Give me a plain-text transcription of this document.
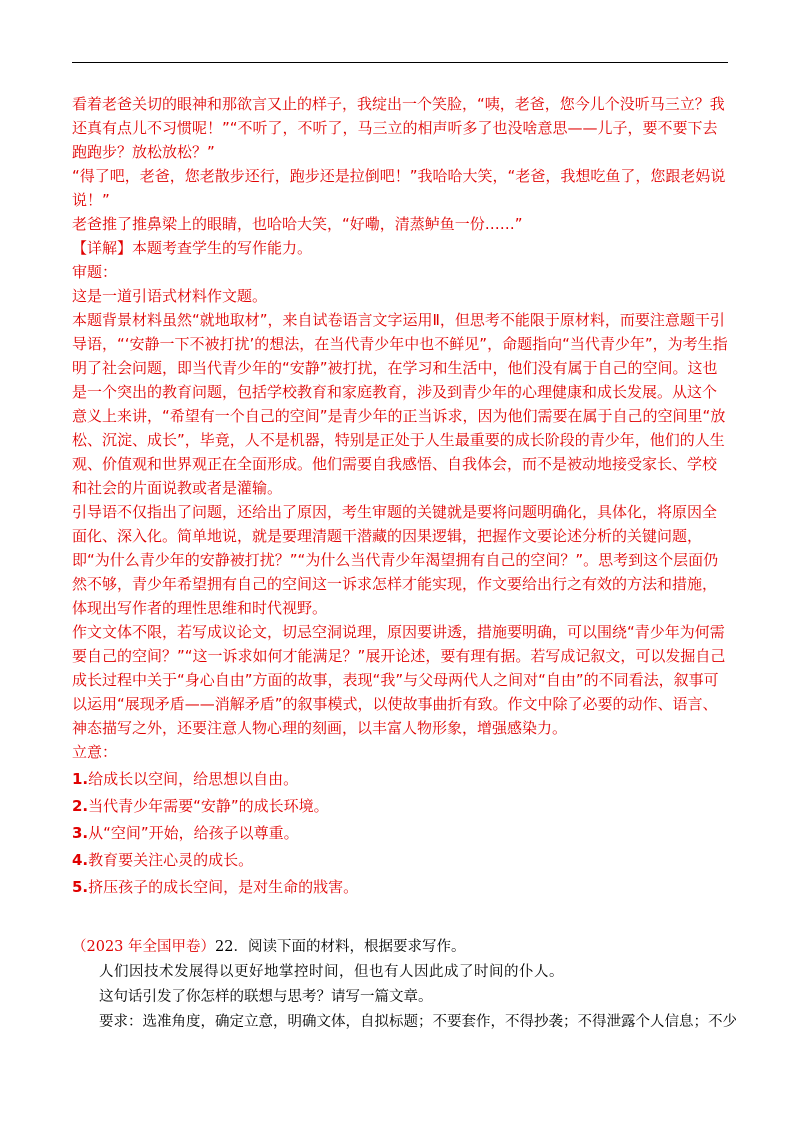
看着老爸关切的眼神和那欲言又止的样子，我绽出一个笑脸，“咦，老爸，您今儿个没听马三立？我还真有点儿不习惯呢！”“不听了，不听了，马三立的相声听多了也没啥意思——儿子，要不要下去跑跑步？放松放松？”

“得了吧，老爸，您老散步还行，跑步还是拉倒吧！”我哈哈大笑，“老爸，我想吃鱼了，您跟老妈说说！”

老爸推了推鼻梁上的眼睛，也哈哈大笑，“好嘞，清蒸鲈鱼一份……”

【详解】本题考查学生的写作能力。

审题：

这是一道引语式材料作文题。

本题背景材料虽然“就地取材”，来自试卷语言文字运用Ⅱ，但思考不能限于原材料，而要注意题干引导语，“‘安静一下不被打扰’的想法，在当代青少年中也不鲜见”，命题指向“当代青少年”，为考生指明了社会问题，即当代青少年的“安静”被打扰，在学习和生活中，他们没有属于自己的空间。这也是一个突出的教育问题，包括学校教育和家庭教育，涉及到青少年的心理健康和成长发展。从这个意义上来讲，“希望有一个自己的空间”是青少年的正当诉求，因为他们需要在属于自己的空间里“放松、沉淀、成长”，毕竟，人不是机器，特别是正处于人生最重要的成长阶段的青少年，他们的人生观、价值观和世界观正在全面形成。他们需要自我感悟、自我体会，而不是被动地接受家长、学校和社会的片面说教或者是灌输。

引导语不仅指出了问题，还给出了原因，考生审题的关键就是要将问题明确化，具体化，将原因全面化、深入化。简单地说，就是要理清题干潜藏的因果逻辑，把握作文要论述分析的关键问题，即“为什么青少年的安静被打扰？”“为什么当代青少年渴望拥有自己的空间？”。思考到这个层面仍然不够，青少年希望拥有自己的空间这一诉求怎样才能实现，作文要给出行之有效的方法和措施，体现出写作者的理性思维和时代视野。

作文文体不限，若写成议论文，切忌空洞说理，原因要讲透，措施要明确，可以围绕“青少年为何需要自己的空间？”“这一诉求如何才能满足？”展开论述，要有理有据。若写成记叙文，可以发掘自己成长过程中关于“身心自由”方面的故事，表现“我”与父母两代人之间对“自由”的不同看法，叙事可以运用“展现矛盾——消解矛盾”的叙事模式，以使故事曲折有致。作文中除了必要的动作、语言、神态描写之外，还要注意人物心理的刻画，以丰富人物形象，增强感染力。

立意：

1.给成长以空间，给思想以自由。

2.当代青少年需要“安静”的成长环境。

3.从“空间”开始，给孩子以尊重。

4.教育要关注心灵的成长。

5.挤压孩子的成长空间，是对生命的戕害。

（2023 年全国甲卷）22．阅读下面的材料，根据要求写作。

人们因技术发展得以更好地掌控时间，但也有人因此成了时间的仆人。

这句话引发了你怎样的联想与思考？请写一篇文章。

要求：选准角度，确定立意，明确文体，自拟标题；不要套作，不得抄袭；不得泄露个人信息；不少
